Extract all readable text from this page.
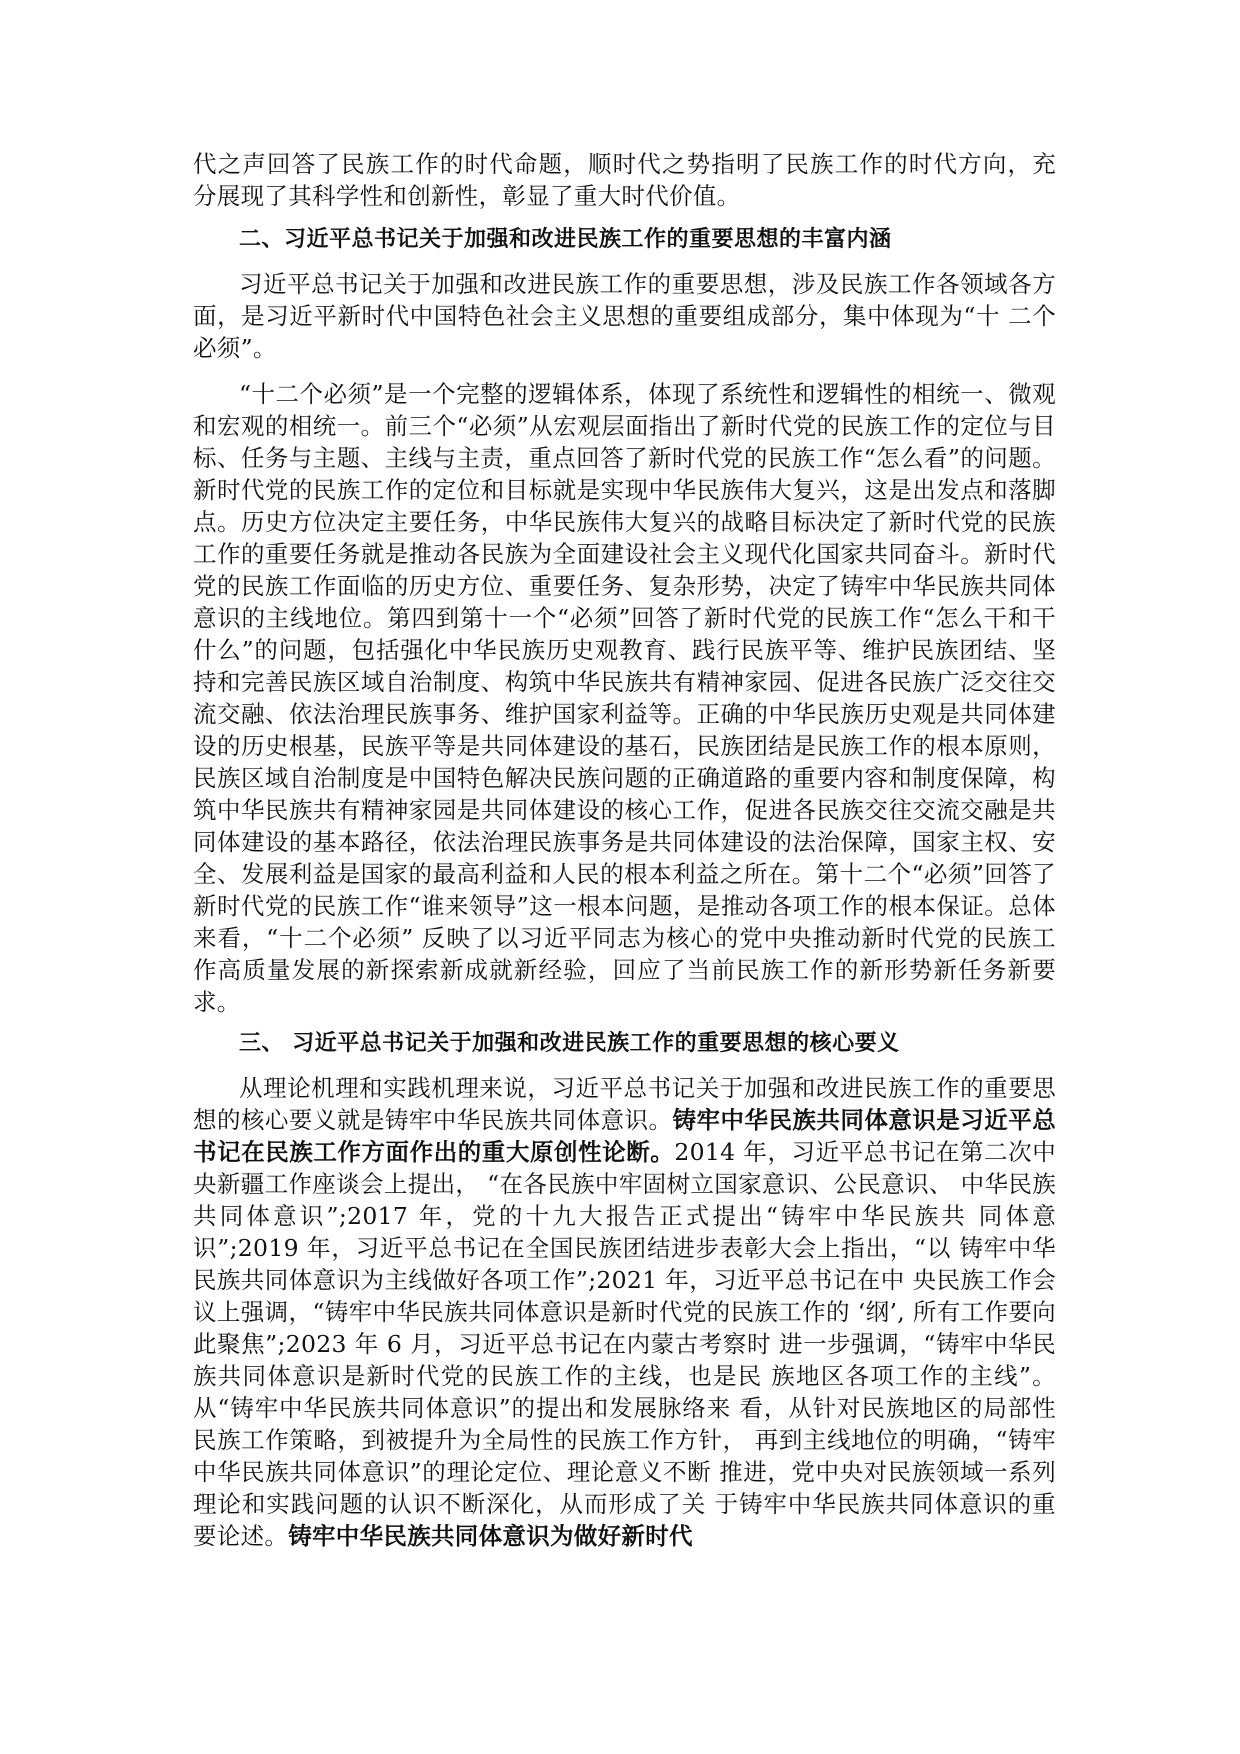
代之声回答了民族工作的时代命题，顺时代之势指明了民族工作的时代方向，充 分展现了其科学性和创新性，彰显了重大时代价值。

二、习近平总书记关于加强和改进民族工作的重要思想的丰富内涵

习近平总书记关于加强和改进民族工作的重要思想，涉及民族工作各领域各方面，是习近平新时代中国特色社会主义思想的重要组成部分，集中体现为“十 二个必须”。

“十二个必须”是一个完整的逻辑体系，体现了系统性和逻辑性的相统一、微观和宏观的相统一。前三个“必须”从宏观层面指出了新时代党的民族工作的定位与目标、任务与主题、主线与主责，重点回答了新时代党的民族工作“怎么看”的问题。新时代党的民族工作的定位和目标就是实现中华民族伟大复兴，这是出发点和落脚点。历史方位决定主要任务，中华民族伟大复兴的战略目标决定了新时代党的民族工作的重要任务就是推动各民族为全面建设社会主义现代化国家共同奋斗。新时代党的民族工作面临的历史方位、重要任务、复杂形势，决定了铸牢中华民族共同体意识的主线地位。第四到第十一个“必须”回答了新时代党的民族工作“怎么干和干什么”的问题，包括强化中华民族历史观教育、践行民族平等、维护民族团结、坚持和完善民族区域自治制度、构筑中华民族共有精神家园、促进各民族广泛交往交流交融、依法治理民族事务、维护国家利益等。正确的中华民族历史观是共同体建设的历史根基，民族平等是共同体建设的基石，民族团结是民族工作的根本原则，民族区域自治制度是中国特色解决民族问题的正确道路的重要内容和制度保障，构筑中华民族共有精神家园是共同体建设的核心工作，促进各民族交往交流交融是共同体建设的基本路径，依法治理民族事务是共同体建设的法治保障，国家主权、安全、发展利益是国家的最高利益和人民的根本利益之所在。第十二个“必须”回答了新时代党的民族工作“谁来领导”这一根本问题，是推动各项工作的根本保证。总体来看，“十二个必须” 反映了以习近平同志为核心的党中央推动新时代党的民族工作高质量发展的新探索新成就新经验，回应了当前民族工作的新形势新任务新要求。

三、 习近平总书记关于加强和改进民族工作的重要思想的核心要义

从理论机理和实践机理来说，习近平总书记关于加强和改进民族工作的重要思想的核心要义就是铸牢中华民族共同体意识。铸牢中华民族共同体意识是习近平总书记在民族工作方面作出的重大原创性论断。2014 年，习近平总书记在第二次中央新疆工作座谈会上提出， “在各民族中牢固树立国家意识、公民意识、 中华民族共同体意识”;2017 年，党的十九大报告正式提出“铸牢中华民族共 同体意识”;2019 年，习近平总书记在全国民族团结进步表彰大会上指出，“以 铸牢中华民族共同体意识为主线做好各项工作”;2021 年，习近平总书记在中 央民族工作会议上强调，“铸牢中华民族共同体意识是新时代党的民族工作的 ‘纲’, 所有工作要向此聚焦”;2023 年 6 月，习近平总书记在内蒙古考察时 进一步强调，“铸牢中华民族共同体意识是新时代党的民族工作的主线，也是民 族地区各项工作的主线”。从“铸牢中华民族共同体意识”的提出和发展脉络来 看，从针对民族地区的局部性民族工作策略，到被提升为全局性的民族工作方针， 再到主线地位的明确，“铸牢中华民族共同体意识”的理论定位、理论意义不断 推进，党中央对民族领域一系列理论和实践问题的认识不断深化，从而形成了关 于铸牢中华民族共同体意识的重要论述。铸牢中华民族共同体意识为做好新时代
